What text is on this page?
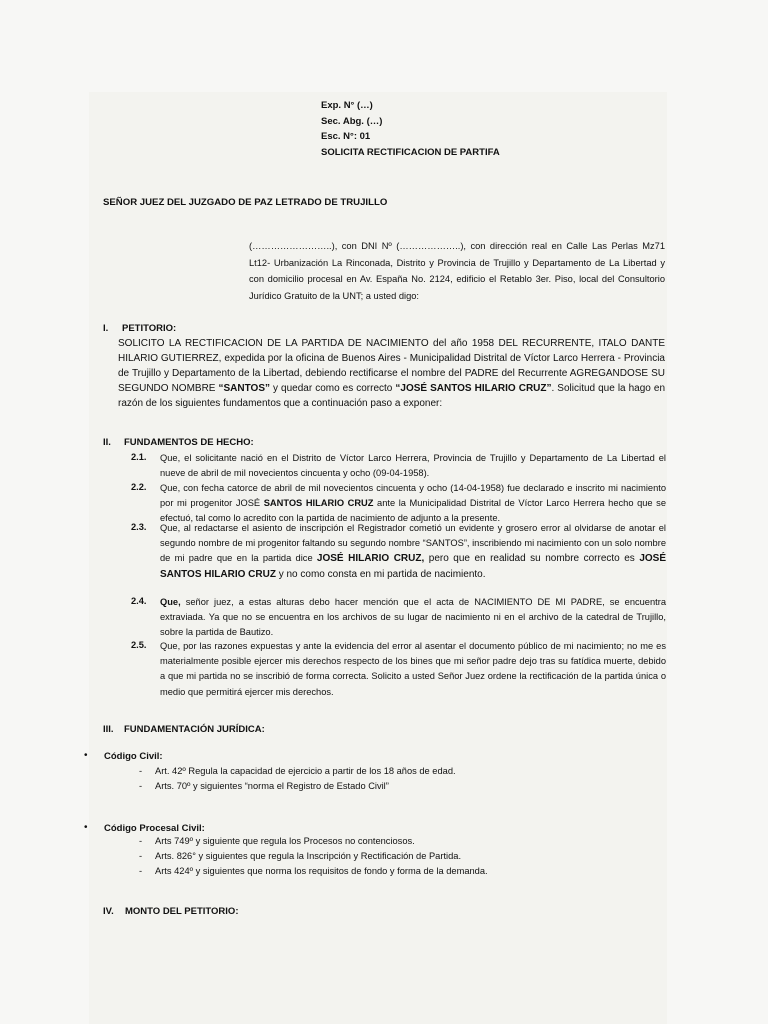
Exp. N° (…)
Sec. Abg. (…)
Esc. N°: 01
SOLICITA RECTIFICACION DE PARTIFA
SEÑOR JUEZ DEL JUZGADO DE PAZ LETRADO DE TRUJILLO
(……………………..), con DNI Nº (………………..), con dirección real en Calle Las Perlas Mz71 Lt12- Urbanización La Rinconada, Distrito y Provincia de Trujillo y Departamento de La Libertad y con domicilio procesal en Av. España No. 2124, edificio el Retablo 3er. Piso, local del Consultorio Jurídico Gratuito de la UNT; a usted digo:
I. PETITORIO:
SOLICITO LA RECTIFICACION DE LA PARTIDA DE NACIMIENTO del año 1958 DEL RECURRENTE, ITALO DANTE HILARIO GUTIERREZ, expedida por la oficina de Buenos Aires - Municipalidad Distrital de Víctor Larco Herrera - Provincia de Trujillo y Departamento de la Libertad, debiendo rectificarse el nombre del PADRE del Recurrente AGREGANDOSE SU SEGUNDO NOMBRE “SANTOS” y quedar como es correcto “JOSÉ SANTOS HILARIO CRUZ”. Solicitud que la hago en razón de los siguientes fundamentos que a continuación paso a exponer:
II. FUNDAMENTOS DE HECHO:
2.1. Que, el solicitante nació en el Distrito de Víctor Larco Herrera, Provincia de Trujillo y Departamento de La Libertad el nueve de abril de mil novecientos cincuenta y ocho (09-04-1958).
2.2. Que, con fecha catorce de abril de mil novecientos cincuenta y ocho (14-04-1958) fue declarado e inscrito mi nacimiento por mi progenitor JOSÉ SANTOS HILARIO CRUZ ante la Municipalidad Distrital de Víctor Larco Herrera hecho que se efectuó, tal como lo acredito con la partida de nacimiento de adjunto a la presente.
2.3. Que, al redactarse el asiento de inscripción el Registrador cometió un evidente y grosero error al olvidarse de anotar el segundo nombre de mi progenitor faltando su segundo nombre “SANTOS”, inscribiendo mi nacimiento con un solo nombre de mi padre que en la partida dice JOSÉ HILARIO CRUZ, pero que en realidad su nombre correcto es JOSÉ SANTOS HILARIO CRUZ y no como consta en mi partida de nacimiento.
2.4. Que, señor juez, a estas alturas debo hacer mención que el acta de NACIMIENTO DE MI PADRE, se encuentra extraviada. Ya que no se encuentra en los archivos de su lugar de nacimiento ni en el archivo de la catedral de Trujillo, sobre la partida de Bautizo.
2.5. Que, por las razones expuestas y ante la evidencia del error al asentar el documento público de mi nacimiento; no me es materialmente posible ejercer mis derechos respecto de los bines que mi señor padre dejo tras su fatídica muerte, debido a que mi partida no se inscribió de forma correcta. Solicito a usted Señor Juez ordene la rectificación de la partida única o medio que permitirá ejercer mis derechos.
III. FUNDAMENTACIÓN JURÍDICA:
• Código Civil:
- Art. 42º Regula la capacidad de ejercicio a partir de los 18 años de edad.
- Arts. 70º y siguientes “norma el Registro de Estado Civil”
• Código Procesal Civil:
- Arts 749º y siguiente que regula los Procesos no contenciosos.
- Arts. 826° y siguientes que regula la Inscripción y Rectificación de Partida.
- Arts 424º y siguientes que norma los requisitos de fondo y forma de la demanda.
IV. MONTO DEL PETITORIO:
